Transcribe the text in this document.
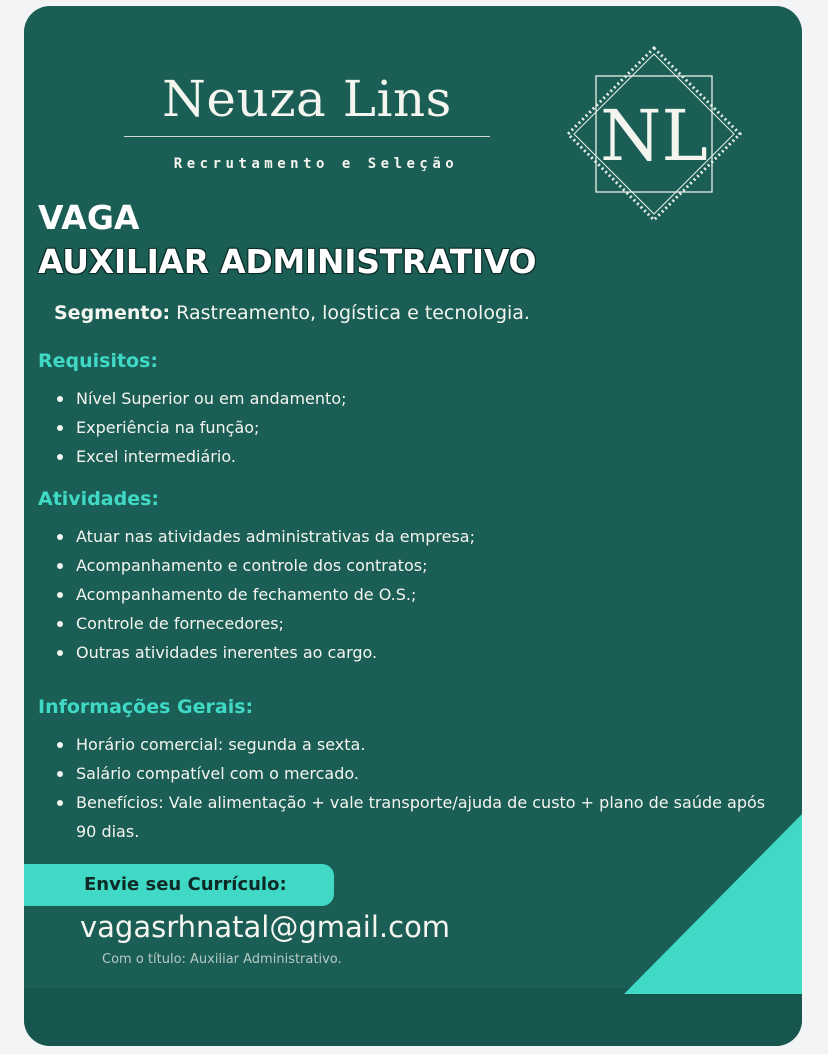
Neuza Lins
Recrutamento e Seleção	NL
VAGA
AUXILIAR ADMINISTRATIVO
Segmento: Rastreamento, logística e tecnologia.
Requisitos:
Nível Superior ou em andamento;
Experiência na função;
Excel intermediário.
Atividades:
Atuar nas atividades administrativas da empresa;
Acompanhamento e controle dos contratos;
Acompanhamento de fechamento de O.S.;
Controle de fornecedores;
Outras atividades inerentes ao cargo.
Informações Gerais:
Horário comercial: segunda a sexta.
Salário compatível com o mercado.
Benefícios: Vale alimentação + vale transporte/ajuda de custo + plano de saúde após 90 dias.
Envie seu Currículo:
vagasrhnatal@gmail.com
Com o título: Auxiliar Administrativo.
